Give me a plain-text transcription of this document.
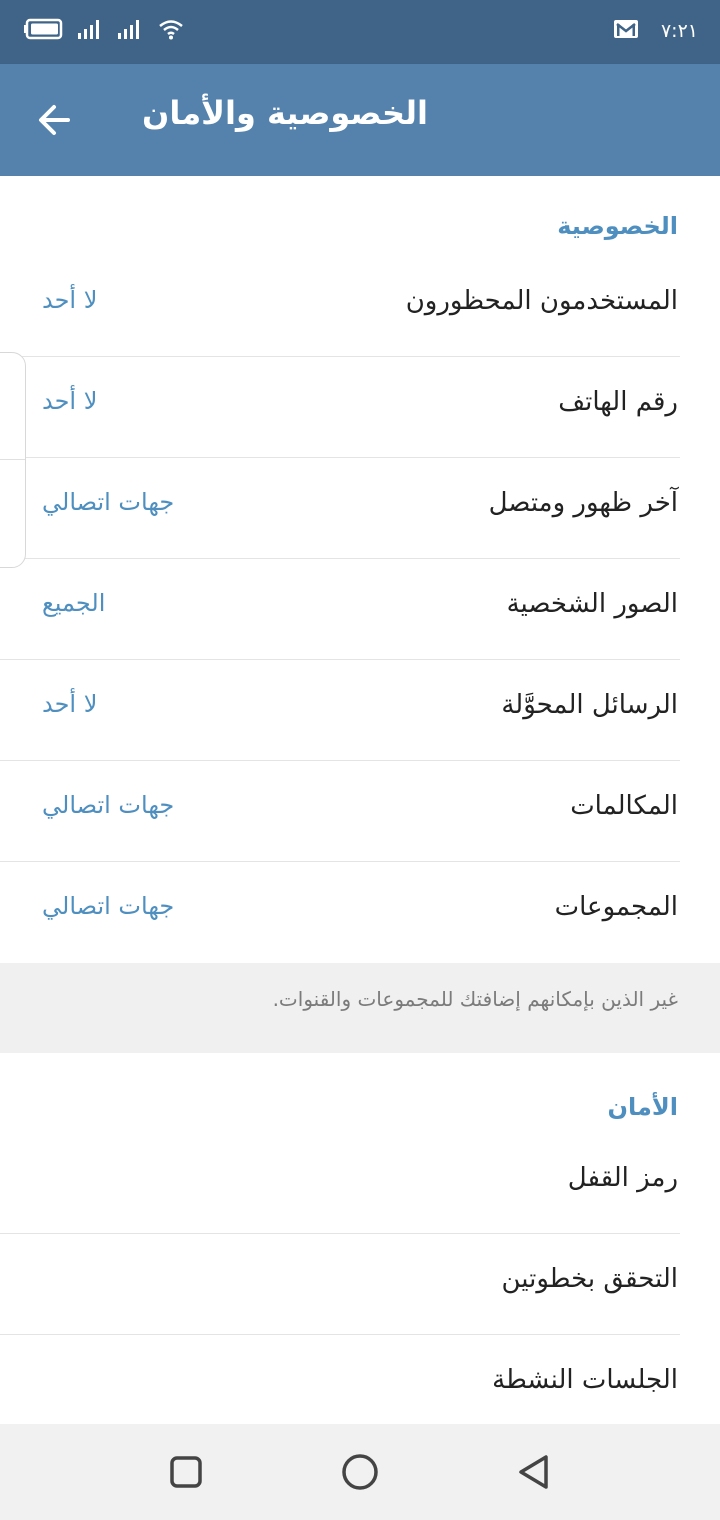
٧:٢١
الخصوصية والأمان
الخصوصية
المستخدمون المحظورون
لا أحد
رقم الهاتف
لا أحد
آخر ظهور ومتصل
جهات اتصالي
الصور الشخصية
الجميع
الرسائل المحوَّلة
لا أحد
المكالمات
جهات اتصالي
المجموعات
جهات اتصالي
غير الذين بإمكانهم إضافتك للمجموعات والقنوات.
الأمان
رمز القفل
التحقق بخطوتين
الجلسات النشطة
